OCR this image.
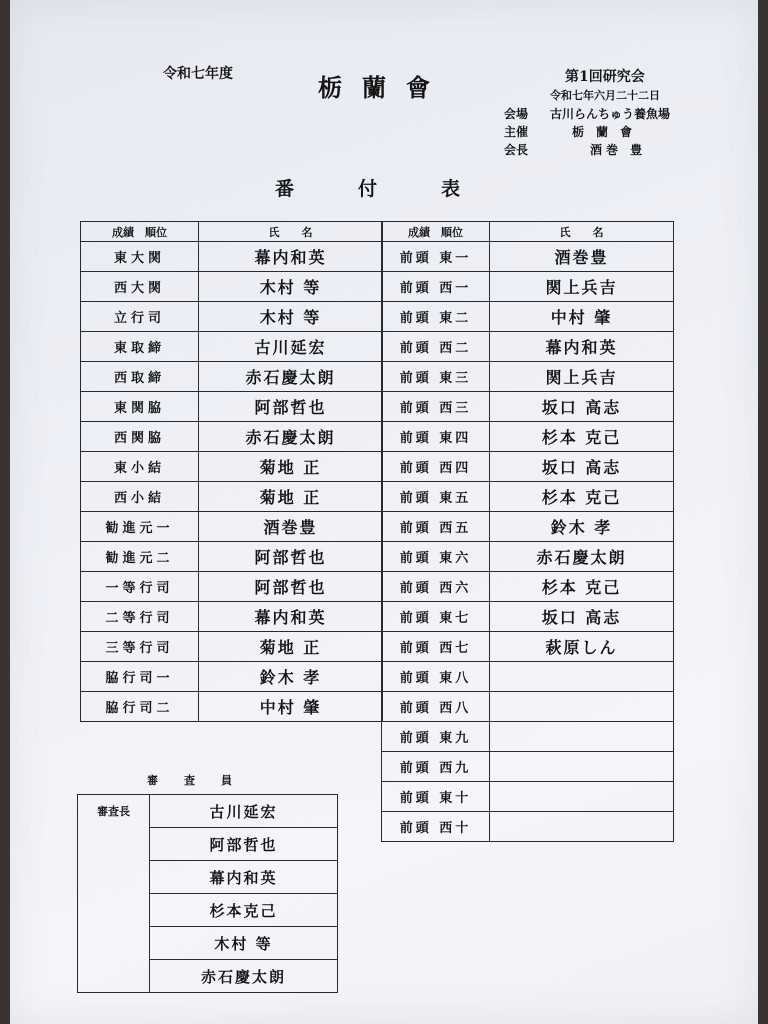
令和七年度	栃蘭會	第1回研究会
令和七年六月二十二日
会場 古川らんちゅう養魚場
主催	栃蘭會
会長	酒巻 豊
番付表
成績　順位	氏　　名
東大関	幕内和英
西大関	木村 等
立行司	木村 等
東取締	古川延宏
西取締	赤石慶太朗
東関脇	阿部哲也
西関脇	赤石慶太朗
東小結	菊地 正
西小結	菊地 正
勧進元一	酒巻豊
勧進元二	阿部哲也
一等行司	阿部哲也
二等行司	幕内和英
三等行司	菊地 正
脇行司一	鈴木 孝
脇行司二	中村 肇
成績　順位	氏　　名
前頭 東一	酒巻豊
前頭 西一	関上兵吉
前頭 東二	中村 肇
前頭 西二	幕内和英
前頭 東三	関上兵吉
前頭 西三	坂口 高志
前頭 東四	杉本 克己
前頭 西四	坂口 高志
前頭 東五	杉本 克己
前頭 西五	鈴木 孝
前頭 東六	赤石慶太朗
前頭 西六	杉本 克己
前頭 東七	坂口 高志
前頭 西七	萩原しん
前頭 東八	
前頭 西八	
前頭 東九	
前頭 西九	
前頭 東十	
前頭 西十	
審査員
審査長	古川延宏
阿部哲也
幕内和英
杉本克己
木村 等
赤石慶太朗
